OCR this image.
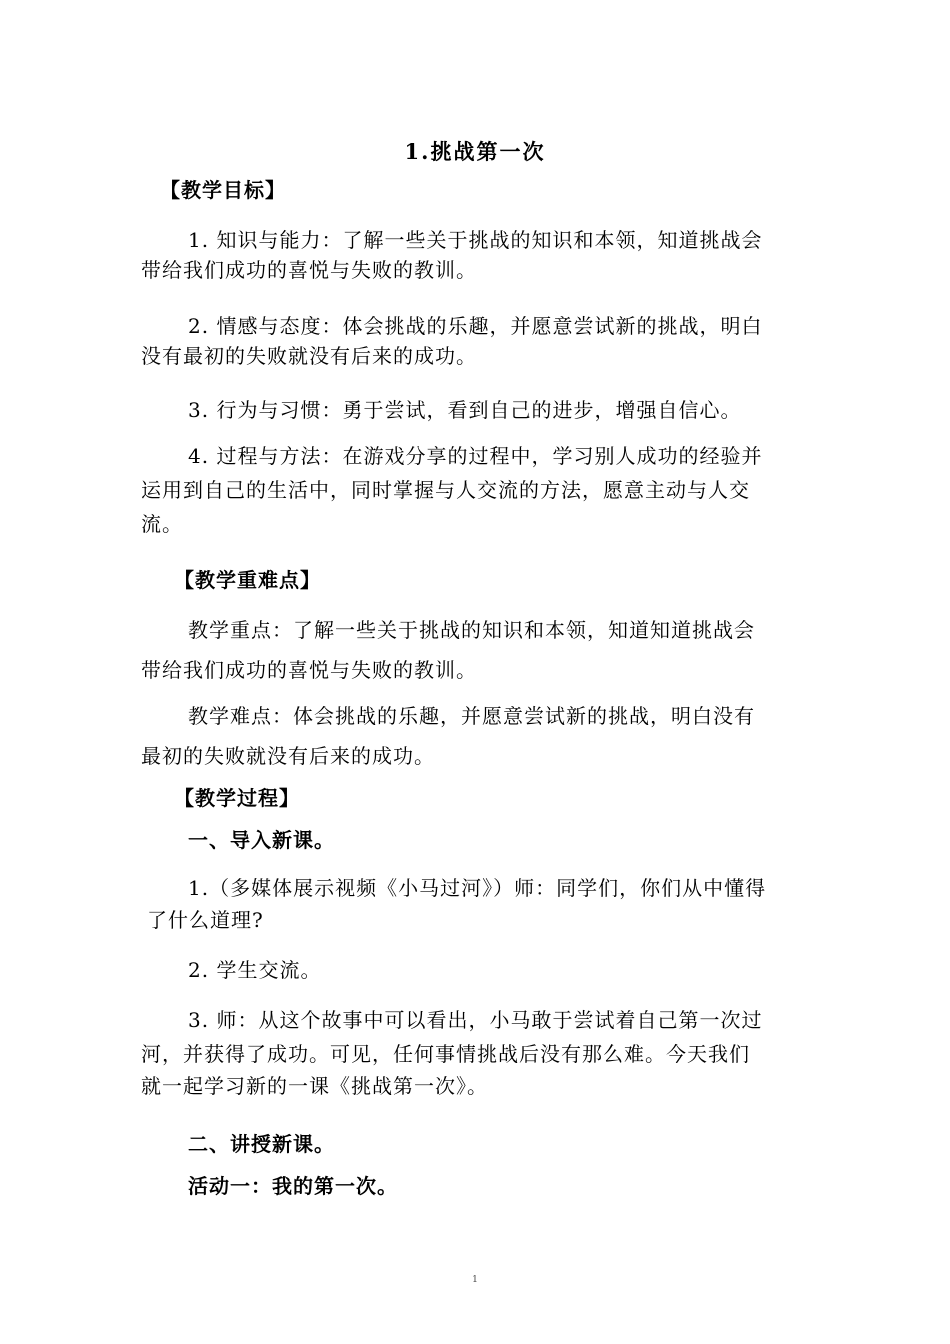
1.挑战第一次
【教学目标】
1. 知识与能力：了解一些关于挑战的知识和本领，知道挑战会
带给我们成功的喜悦与失败的教训。
2. 情感与态度：体会挑战的乐趣，并愿意尝试新的挑战，明白
没有最初的失败就没有后来的成功。
3. 行为与习惯：勇于尝试，看到自己的进步，增强自信心。
4. 过程与方法：在游戏分享的过程中，学习别人成功的经验并
运用到自己的生活中，同时掌握与人交流的方法，愿意主动与人交
流。
【教学重难点】
教学重点：了解一些关于挑战的知识和本领，知道知道挑战会
带给我们成功的喜悦与失败的教训。
教学难点：体会挑战的乐趣，并愿意尝试新的挑战，明白没有
最初的失败就没有后来的成功。
【教学过程】
一、导入新课。
1.（多媒体展示视频《小马过河》）师：同学们，你们从中懂得
了什么道理?
2. 学生交流。
3. 师：从这个故事中可以看出，小马敢于尝试着自己第一次过
河，并获得了成功。可见，任何事情挑战后没有那么难。今天我们
就一起学习新的一课《挑战第一次》。
二、讲授新课。
活动一：我的第一次。
1
